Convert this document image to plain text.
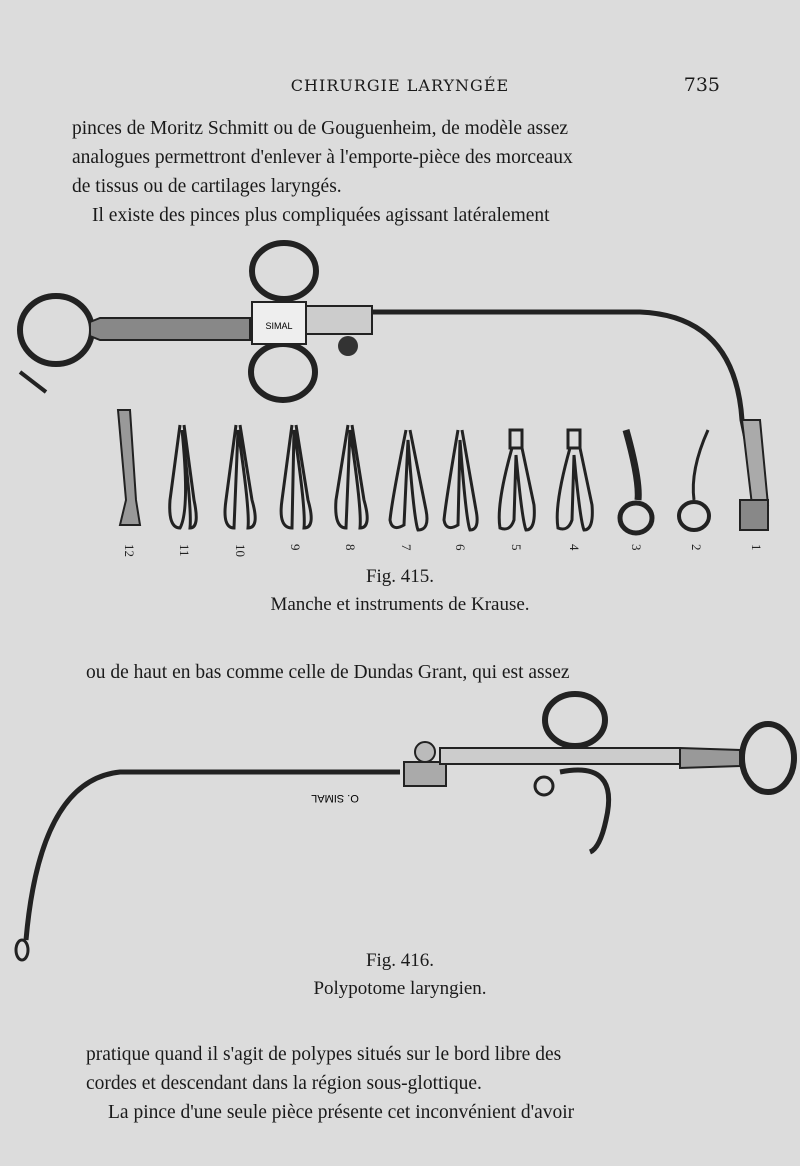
CHIRURGIE LARYNGÉE	735
pinces de Moritz Schmitt ou de Gouguenheim, de modèle assez
analogues permettront d'enlever à l'emporte-pièce des morceaux
de tissus ou de cartilages laryngés.
Il existe des pinces plus compliquées agissant latéralement
SIMAL
12	11	10	9	8	7	6	5	4	3	2	1
O. SIMAL
Fig. 415.
Manche et instruments de Krause.
ou de haut en bas comme celle de Dundas Grant, qui est assez
Fig. 416.
Polypotome laryngien.
pratique quand il s'agit de polypes situés sur le bord libre des
cordes et descendant dans la région sous-glottique.
La pince d'une seule pièce présente cet inconvénient d'avoir
